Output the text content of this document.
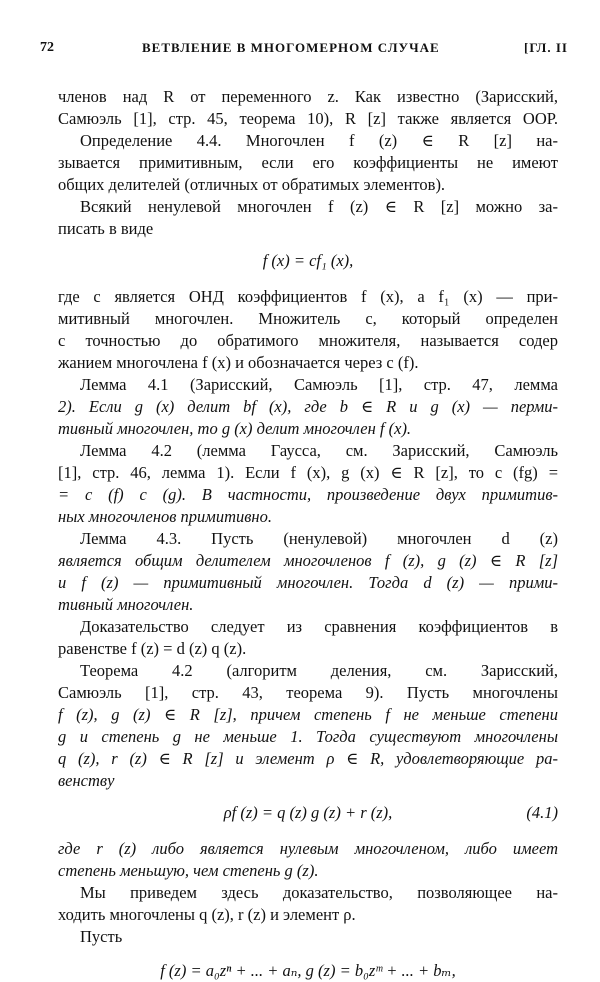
72	ВЕТВЛЕНИЕ В МНОГОМЕРНОМ СЛУЧАЕ	[ГЛ. II
членов над R от переменного z. Как известно (Зарисский,
Самюэль [1], стр. 45, теорема 10), R [z] также является ООР.
Определение 4.4. Многочлен f (z) ∈ R [z] на-
зывается примитивным, если его коэффициенты не имеют
общих делителей (отличных от обратимых элементов).
Всякий ненулевой многочлен f (z) ∈ R [z] можно за-
писать в виде
f (x) = cf₁ (x),
где c является ОНД коэффициентов f (x), а f₁ (x) — при-
митивный многочлен. Множитель c, который определен
с точностью до обратимого множителя, называется содер
жанием многочлена f (x) и обозначается через c (f).
Лемма 4.1 (Зарисский, Самюэль [1], стр. 47, лемма
2). Если g (x) делит bf (x), где b ∈ R и g (x) — перми-
тивный многочлен, то g (x) делит многочлен f (x).
Лемма 4.2 (лемма Гаусса, см. Зарисский, Самюэль
[1], стр. 46, лемма 1). Если f (x), g (x) ∈ R [z], то c (fg) =
= c (f) c (g). В частности, произведение двух примитив-
ных многочленов примитивно.
Лемма 4.3. Пусть (ненулевой) многочлен d (z)
является общим делителем многочленов f (z), g (z) ∈ R [z]
и f (z) — примитивный многочлен. Тогда d (z) — прими-
тивный многочлен.
Доказательство следует из сравнения коэффициентов в
равенстве f (z) = d (z) q (z).
Теорема 4.2 (алгоритм деления, см. Зарисский,
Самюэль [1], стр. 43, теорема 9). Пусть многочлены
f (z), g (z) ∈ R [z], причем степень f не меньше степени
g и степень g не меньше 1. Тогда существуют многочлены
q (z), r (z) ∈ R [z] и элемент ρ ∈ R, удовлетворяющие ра-
венству
ρf (z) = q (z) g (z) + r (z),	(4.1)
где r (z) либо является нулевым многочленом, либо имеет
степень меньшую, чем степень g (z).
Мы приведем здесь доказательство, позволяющее на-
ходить многочлены q (z), r (z) и элемент ρ.
Пусть
f (z) = a₀zⁿ + ... + aₙ, g (z) = b₀zᵐ + ... + bₘ,
